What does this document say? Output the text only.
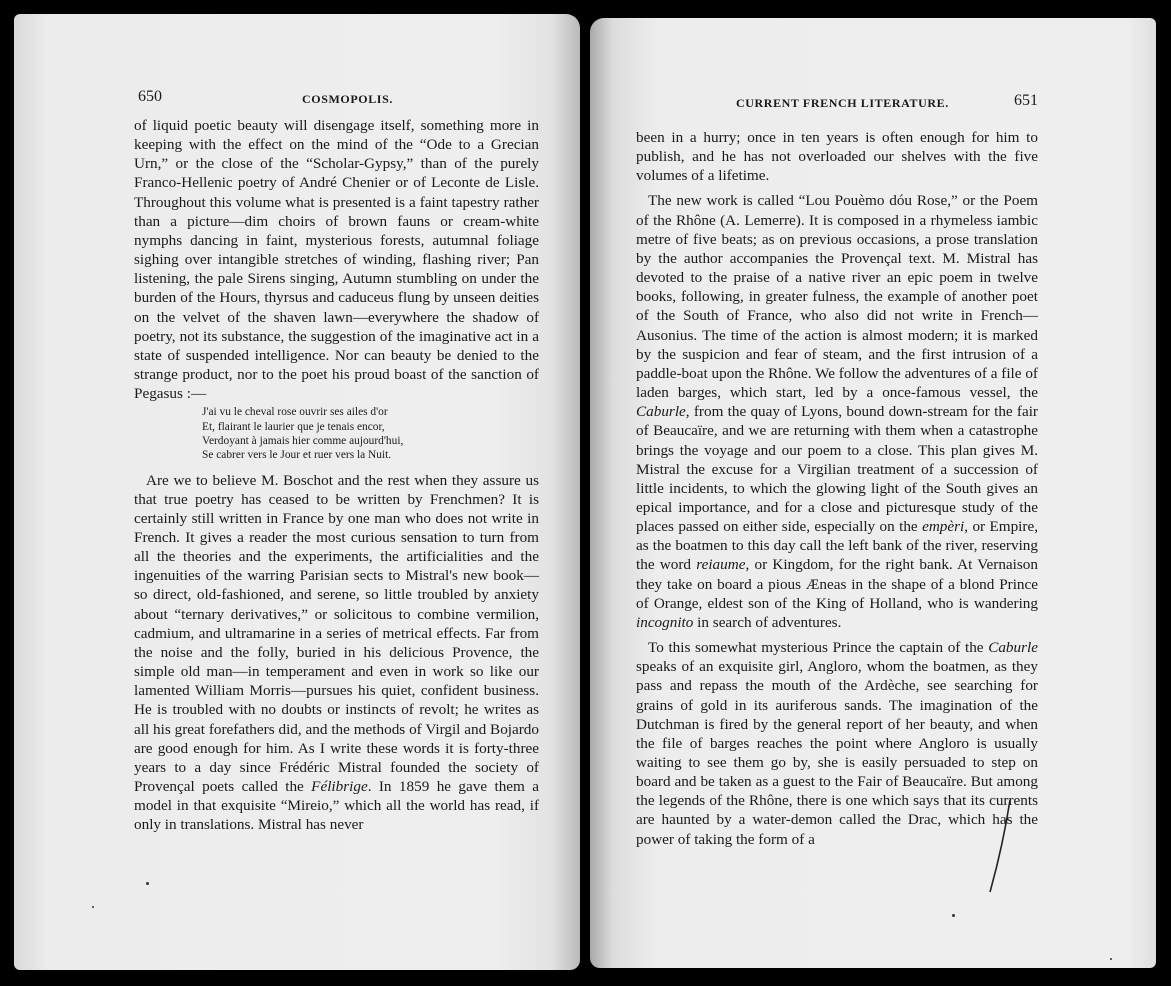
650	COSMOPOLIS.

of liquid poetic beauty will disengage itself, something more in keeping with the effect on the mind of the “Ode to a Grecian Urn,” or the close of the “Scholar-Gypsy,” than of the purely Franco-Hellenic poetry of André Chenier or of Leconte de Lisle. Throughout this volume what is presented is a faint tapestry rather than a picture—dim choirs of brown fauns or cream-white nymphs dancing in faint, mysterious forests, autumnal foliage sighing over intangible stretches of winding, flashing river; Pan listening, the pale Sirens singing, Autumn stumbling on under the burden of the Hours, thyrsus and caduceus flung by unseen deities on the velvet of the shaven lawn—everywhere the shadow of poetry, not its substance, the suggestion of the imaginative act in a state of suspended intelligence. Nor can beauty be denied to the strange product, nor to the poet his proud boast of the sanction of Pegasus :—

J'ai vu le cheval rose ouvrir ses ailes d'or
Et, flairant le laurier que je tenais encor,
Verdoyant à jamais hier comme aujourd'hui,
Se cabrer vers le Jour et ruer vers la Nuit.

Are we to believe M. Boschot and the rest when they assure us that true poetry has ceased to be written by Frenchmen? It is certainly still written in France by one man who does not write in French. It gives a reader the most curious sensation to turn from all the theories and the experiments, the artificialities and the ingenuities of the warring Parisian sects to Mistral's new book—so direct, old-fashioned, and serene, so little troubled by anxiety about “ternary derivatives,” or solicitous to combine vermilion, cadmium, and ultramarine in a series of metrical effects. Far from the noise and the folly, buried in his delicious Provence, the simple old man—in temperament and even in work so like our lamented William Morris—pursues his quiet, confident business. He is troubled with no doubts or instincts of revolt; he writes as all his great forefathers did, and the methods of Virgil and Bojardo are good enough for him. As I write these words it is forty-three years to a day since Frédéric Mistral founded the society of Provençal poets called the Félibrige. In 1859 he gave them a model in that exquisite “Mireio,” which all the world has read, if only in translations. Mistral has never

CURRENT FRENCH LITERATURE.	651

been in a hurry; once in ten years is often enough for him to publish, and he has not overloaded our shelves with the five volumes of a lifetime.

The new work is called “Lou Pouèmo dóu Rose,” or the Poem of the Rhône (A. Lemerre). It is composed in a rhymeless iambic metre of five beats; as on previous occasions, a prose translation by the author accompanies the Provençal text. M. Mistral has devoted to the praise of a native river an epic poem in twelve books, following, in greater fulness, the example of another poet of the South of France, who also did not write in French—Ausonius. The time of the action is almost modern; it is marked by the suspicion and fear of steam, and the first intrusion of a paddle-boat upon the Rhône. We follow the adventures of a file of laden barges, which start, led by a once-famous vessel, the Caburle, from the quay of Lyons, bound down-stream for the fair of Beaucaïre, and we are returning with them when a catastrophe brings the voyage and our poem to a close. This plan gives M. Mistral the excuse for a Virgilian treatment of a succession of little incidents, to which the glowing light of the South gives an epical importance, and for a close and picturesque study of the places passed on either side, especially on the empèri, or Empire, as the boatmen to this day call the left bank of the river, reserving the word reiaume, or Kingdom, for the right bank. At Vernaison they take on board a pious Æneas in the shape of a blond Prince of Orange, eldest son of the King of Holland, who is wandering incognito in search of adventures.

To this somewhat mysterious Prince the captain of the Caburle speaks of an exquisite girl, Angloro, whom the boatmen, as they pass and repass the mouth of the Ardèche, see searching for grains of gold in its auriferous sands. The imagination of the Dutchman is fired by the general report of her beauty, and when the file of barges reaches the point where Angloro is usually waiting to see them go by, she is easily persuaded to step on board and be taken as a guest to the Fair of Beaucaïre. But among the legends of the Rhône, there is one which says that its currents are haunted by a water-demon called the Drac, which has the power of taking the form of a
